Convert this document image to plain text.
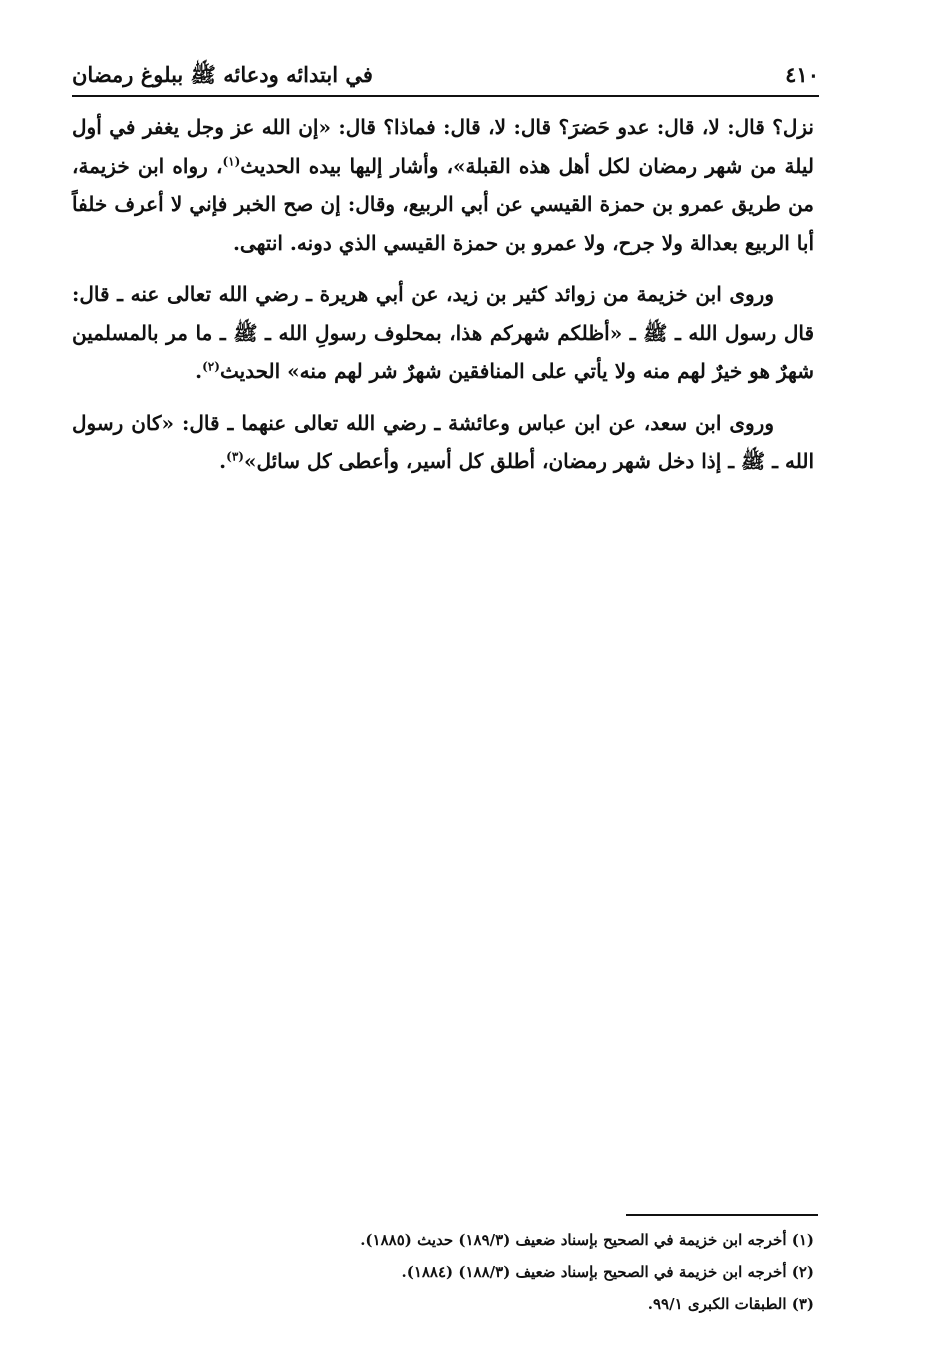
٤١٠
في ابتدائه ودعائه ﷺ ببلوغ رمضان

نزل؟ قال: لا، قال: عدو حَضرَ؟ قال: لا، قال: فماذا؟ قال: «إن الله عز وجل يغفر في أول ليلة من شهر رمضان لكل أهل هذه القبلة»، وأشار إليها بيده الحديث$^{(١)}$، رواه ابن خزيمة، من طريق عمرو بن حمزة القيسي عن أبي الربيع، وقال: إن صح الخبر فإني لا أعرف خلفاً أبا الربيع بعدالة ولا جرح، ولا عمرو بن حمزة القيسي الذي دونه. انتهى.

وروى ابن خزيمة من زوائد كثير بن زيد، عن أبي هريرة ـ رضي الله تعالى عنه ـ قال: قال رسول الله ـ ﷺ ـ «أظلكم شهركم هذا، بمحلوف رسولِ الله ـ ﷺ ـ ما مر بالمسلمين شهرٌ هو خيرٌ لهم منه ولا يأتي على المنافقين شهرٌ شر لهم منه» الحديث$^{(٢)}$.

وروى ابن سعد، عن ابن عباس وعائشة ـ رضي الله تعالى عنهما ـ قال: «كان رسول الله ـ ﷺ ـ إذا دخل شهر رمضان، أطلق كل أسير، وأعطى كل سائل»$^{(٣)}$.

(١) أخرجه ابن خزيمة في الصحيح بإسناد ضعيف (١٨٩/٣) حديث (١٨٨٥).

(٢) أخرجه ابن خزيمة في الصحيح بإسناد ضعيف (١٨٨/٣) (١٨٨٤).

(٣) الطبقات الكبرى ٩٩/١.
